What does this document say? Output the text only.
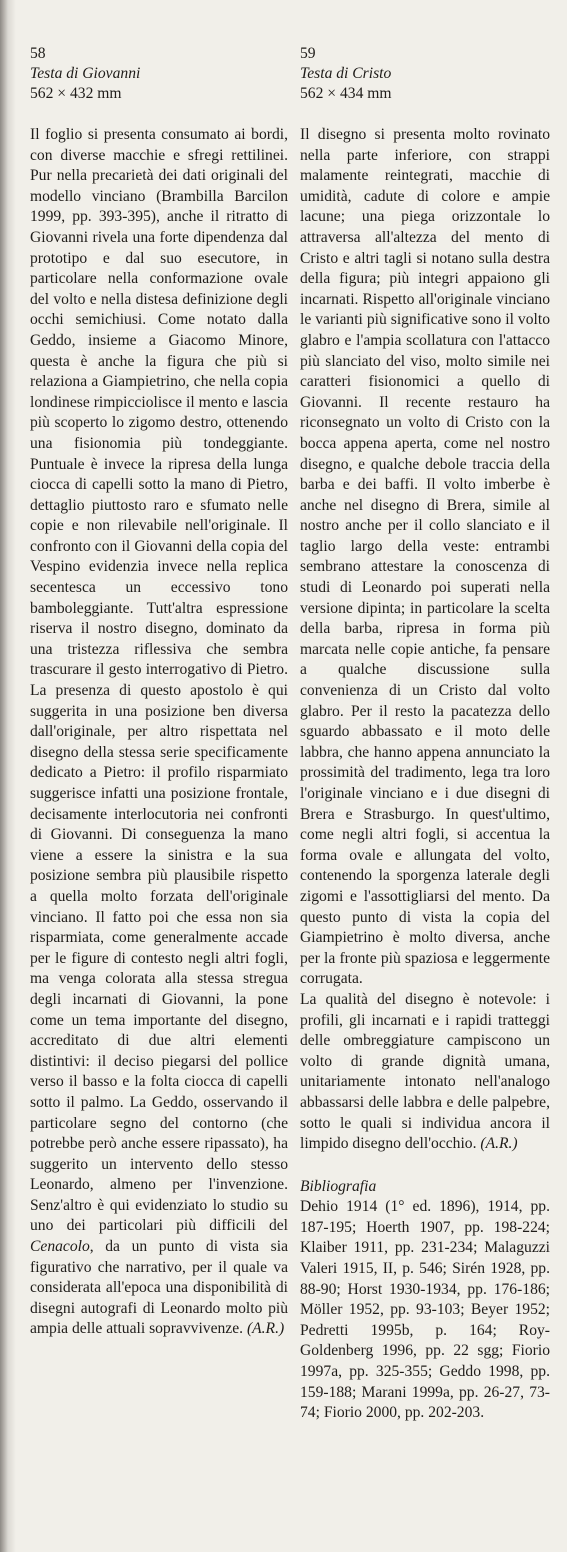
58
Testa di Giovanni
562 × 432 mm

Il foglio si presenta consumato ai bordi, con diverse macchie e sfregi rettilinei. Pur nella precarietà dei dati originali del modello vinciano (Brambilla Barcilon 1999, pp. 393-395), anche il ritratto di Giovanni rivela una forte dipendenza dal prototipo e dal suo esecutore, in particolare nella conformazione ovale del volto e nella distesa definizione degli occhi semichiusi. Come notato dalla Geddo, insieme a Giacomo Minore, questa è anche la figura che più si relaziona a Giampietrino, che nella copia londinese rimpicciolisce il mento e lascia più scoperto lo zigomo destro, ottenendo una fisionomia più tondeggiante. Puntuale è invece la ripresa della lunga ciocca di capelli sotto la mano di Pietro, dettaglio piuttosto raro e sfumato nelle copie e non rilevabile nell'originale. Il confronto con il Giovanni della copia del Vespino evidenzia invece nella replica secentesca un eccessivo tono bamboleggiante. Tutt'altra espressione riserva il nostro disegno, dominato da una tristezza riflessiva che sembra trascurare il gesto interrogativo di Pietro. La presenza di questo apostolo è qui suggerita in una posizione ben diversa dall'originale, per altro rispettata nel disegno della stessa serie specificamente dedicato a Pietro: il profilo risparmiato suggerisce infatti una posizione frontale, decisamente interlocutoria nei confronti di Giovanni. Di conseguenza la mano viene a essere la sinistra e la sua posizione sembra più plausibile rispetto a quella molto forzata dell'originale vinciano. Il fatto poi che essa non sia risparmiata, come generalmente accade per le figure di contesto negli altri fogli, ma venga colorata alla stessa stregua degli incarnati di Giovanni, la pone come un tema importante del disegno, accreditato di due altri elementi distintivi: il deciso piegarsi del pollice verso il basso e la folta ciocca di capelli sotto il palmo. La Geddo, osservando il particolare segno del contorno (che potrebbe però anche essere ripassato), ha suggerito un intervento dello stesso Leonardo, almeno per l'invenzione. Senz'altro è qui evidenziato lo studio su uno dei particolari più difficili del Cenacolo, da un punto di vista sia figurativo che narrativo, per il quale va considerata all'epoca una disponibilità di disegni autografi di Leonardo molto più ampia delle attuali sopravvivenze. (A.R.)

59
Testa di Cristo
562 × 434 mm

Il disegno si presenta molto rovinato nella parte inferiore, con strappi malamente reintegrati, macchie di umidità, cadute di colore e ampie lacune; una piega orizzontale lo attraversa all'altezza del mento di Cristo e altri tagli si notano sulla destra della figura; più integri appaiono gli incarnati. Rispetto all'originale vinciano le varianti più significative sono il volto glabro e l'ampia scollatura con l'attacco più slanciato del viso, molto simile nei caratteri fisionomici a quello di Giovanni. Il recente restauro ha riconsegnato un volto di Cristo con la bocca appena aperta, come nel nostro disegno, e qualche debole traccia della barba e dei baffi. Il volto imberbe è anche nel disegno di Brera, simile al nostro anche per il collo slanciato e il taglio largo della veste: entrambi sembrano attestare la conoscenza di studi di Leonardo poi superati nella versione dipinta; in particolare la scelta della barba, ripresa in forma più marcata nelle copie antiche, fa pensare a qualche discussione sulla convenienza di un Cristo dal volto glabro. Per il resto la pacatezza dello sguardo abbassato e il moto delle labbra, che hanno appena annunciato la prossimità del tradimento, lega tra loro l'originale vinciano e i due disegni di Brera e Strasburgo. In quest'ultimo, come negli altri fogli, si accentua la forma ovale e allungata del volto, contenendo la sporgenza laterale degli zigomi e l'assottigliarsi del mento. Da questo punto di vista la copia del Giampietrino è molto diversa, anche per la fronte più spaziosa e leggermente corrugata.

La qualità del disegno è notevole: i profili, gli incarnati e i rapidi tratteggi delle ombreggiature campiscono un volto di grande dignità umana, unitariamente intonato nell'analogo abbassarsi delle labbra e delle palpebre, sotto le quali si individua ancora il limpido disegno dell'occhio. (A.R.)

Bibliografia
Dehio 1914 (1° ed. 1896), 1914, pp. 187-195; Hoerth 1907, pp. 198-224; Klaiber 1911, pp. 231-234; Malaguzzi Valeri 1915, II, p. 546; Sirén 1928, pp. 88-90; Horst 1930-1934, pp. 176-186; Möller 1952, pp. 93-103; Beyer 1952; Pedretti 1995b, p. 164; Roy-Goldenberg 1996, pp. 22 sgg; Fiorio 1997a, pp. 325-355; Geddo 1998, pp. 159-188; Marani 1999a, pp. 26-27, 73-74; Fiorio 2000, pp. 202-203.
